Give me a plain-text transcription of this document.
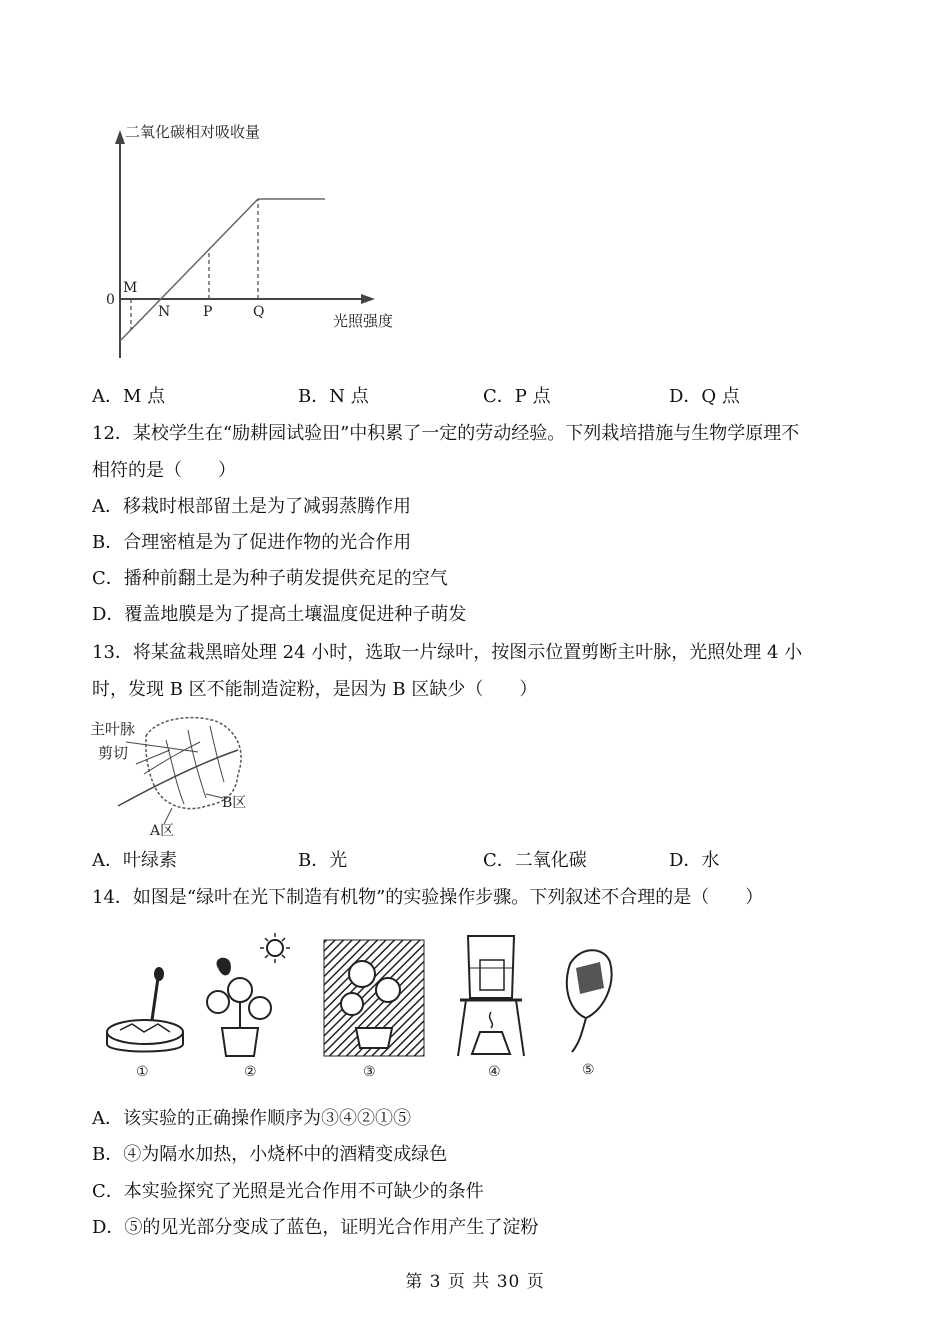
二氧化碳相对吸收量
0
M
N P	Q	光照强度
A．M 点	B．N 点	C．P 点	D．Q 点
12．某校学生在“励耕园试验田”中积累了一定的劳动经验。下列栽培措施与生物学原理不
相符的是（　　）
A．移栽时根部留土是为了减弱蒸腾作用
B．合理密植是为了促进作物的光合作用
C．播种前翻土是为种子萌发提供充足的空气
D．覆盖地膜是为了提高土壤温度促进种子萌发
13．将某盆栽黑暗处理 24 小时，选取一片绿叶，按图示位置剪断主叶脉，光照处理 4 小
时，发现 B 区不能制造淀粉，是因为 B 区缺少（　　）
主叶脉
剪切
B区
A区
A．叶绿素	B．光	C．二氧化碳	D．水
14．如图是“绿叶在光下制造有机物”的实验操作步骤。下列叙述不合理的是（　　）
①	②	③	④	⑤
A．该实验的正确操作顺序为③④②①⑤
B．④为隔水加热，小烧杯中的酒精变成绿色
C．本实验探究了光照是光合作用不可缺少的条件
D．⑤的见光部分变成了蓝色，证明光合作用产生了淀粉
第 3 页 共 30 页
